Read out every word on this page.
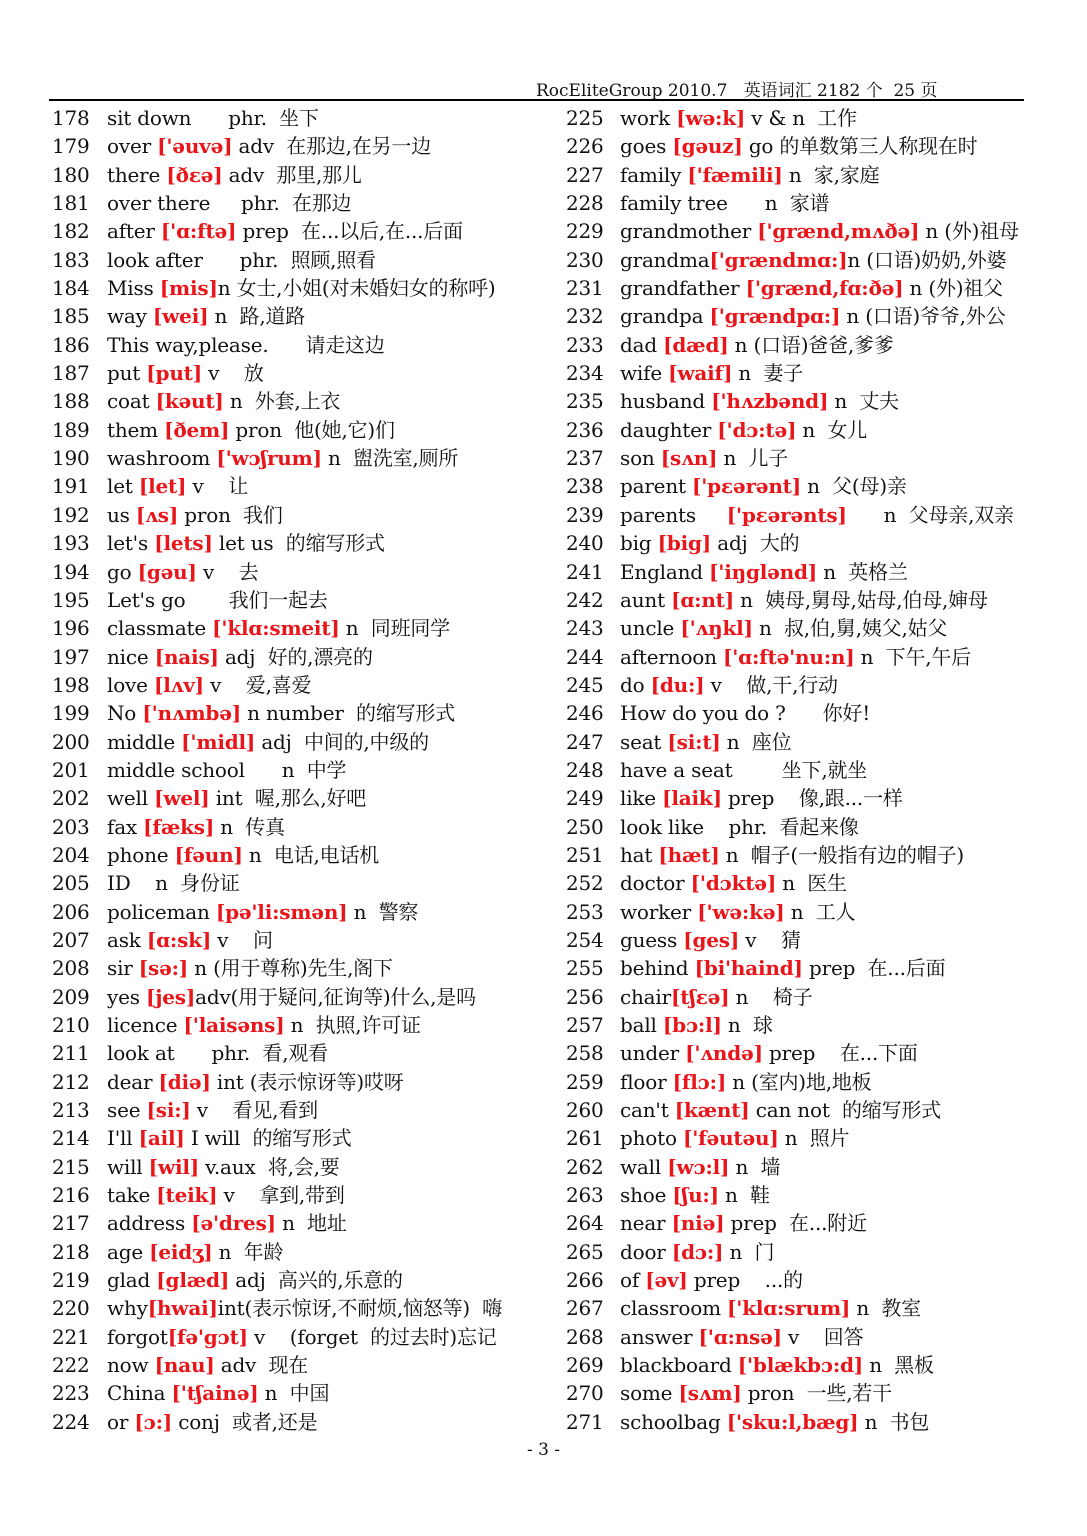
RocEliteGroup 2010.7   英语词汇 2182 个  25 页
178 sit down      phr.  坐下
179 over ['əuvə] adv  在那边,在另一边
180 there [ðɛə] adv  那里,那儿
181 over there     phr.  在那边
182 after ['ɑ:ftə] prep  在...以后,在...后面
183 look after      phr.  照顾,照看
184 Miss [mis]n 女士,小姐(对未婚妇女的称呼)
185 way [wei] n  路,道路
186 This way,please.      请走这边
187 put [put] v    放
188 coat [kəut] n  外套,上衣
189 them [ðem] pron  他(她,它)们
190 washroom ['wɔʃrum] n  盥洗室,厕所
191 let [let] v    让
192 us [ʌs] pron  我们
193 let's [lets] let us  的缩写形式
194 go [gəu] v    去
195 Let's go       我们一起去
196 classmate ['klɑ:smeit] n  同班同学
197 nice [nais] adj  好的,漂亮的
198 love [lʌv] v    爱,喜爱
199 No ['nʌmbə] n number  的缩写形式
200 middle ['midl] adj  中间的,中级的
201 middle school      n  中学
202 well [wel] int  喔,那么,好吧
203 fax [fæks] n  传真
204 phone [fəun] n  电话,电话机
205 ID    n  身份证
206 policeman [pə'li:smən] n  警察
207 ask [ɑ:sk] v    问
208 sir [sə:] n (用于尊称)先生,阁下
209 yes [jes]adv(用于疑问,征询等)什么,是吗
210 licence ['laisəns] n  执照,许可证
211 look at      phr.  看,观看
212 dear [diə] int (表示惊讶等)哎呀
213 see [si:] v    看见,看到
214 I'll [ail] I will  的缩写形式
215 will [wil] v.aux  将,会,要
216 take [teik] v    拿到,带到
217 address [ə'dres] n  地址
218 age [eidʒ] n  年龄
219 glad [glæd] adj  高兴的,乐意的
220 why[hwai]int(表示惊讶,不耐烦,恼怒等)  嗨
221 forgot[fə'gɔt] v    (forget  的过去时)忘记
222 now [nau] adv  现在
223 China ['tʃainə] n  中国
224 or [ɔ:] conj  或者,还是
225 work [wə:k] v & n  工作
226 goes [gəuz] go 的单数第三人称现在时
227 family ['fæmili] n  家,家庭
228 family tree      n  家谱
229 grandmother ['grænd,mʌðə] n (外)祖母
230 grandma['grændmɑ:]n (口语)奶奶,外婆
231 grandfather ['grænd,fɑ:ðə] n (外)祖父
232 grandpa ['grændpɑ:] n (口语)爷爷,外公
233 dad [dæd] n (口语)爸爸,爹爹
234 wife [waif] n  妻子
235 husband ['hʌzbənd] n  丈夫
236 daughter ['dɔ:tə] n  女儿
237 son [sʌn] n  儿子
238 parent ['pɛərənt] n  父(母)亲
239 parents     ['pɛərənts]      n  父母亲,双亲
240 big [big] adj  大的
241 England ['iŋglənd] n  英格兰
242 aunt [ɑ:nt] n  姨母,舅母,姑母,伯母,婶母
243 uncle ['ʌŋkl] n  叔,伯,舅,姨父,姑父
244 afternoon ['ɑ:ftə'nu:n] n  下午,午后
245 do [du:] v    做,干,行动
246 How do you do ?      你好!
247 seat [si:t] n  座位
248 have a seat        坐下,就坐
249 like [laik] prep    像,跟...一样
250 look like    phr.  看起来像
251 hat [hæt] n  帽子(一般指有边的帽子)
252 doctor ['dɔktə] n  医生
253 worker ['wə:kə] n  工人
254 guess [ges] v    猜
255 behind [bi'haind] prep  在...后面
256 chair[tʃɛə] n    椅子
257 ball [bɔ:l] n  球
258 under ['ʌndə] prep    在...下面
259 floor [flɔ:] n (室内)地,地板
260 can't [kænt] can not  的缩写形式
261 photo ['fəutəu] n  照片
262 wall [wɔ:l] n  墙
263 shoe [ʃu:] n  鞋
264 near [niə] prep  在...附近
265 door [dɔ:] n  门
266 of [əv] prep    ...的
267 classroom ['klɑ:srum] n  教室
268 answer ['ɑ:nsə] v    回答
269 blackboard ['blækbɔ:d] n  黑板
270 some [sʌm] pron  一些,若干
271 schoolbag ['sku:l,bæg] n  书包
- 3 -
